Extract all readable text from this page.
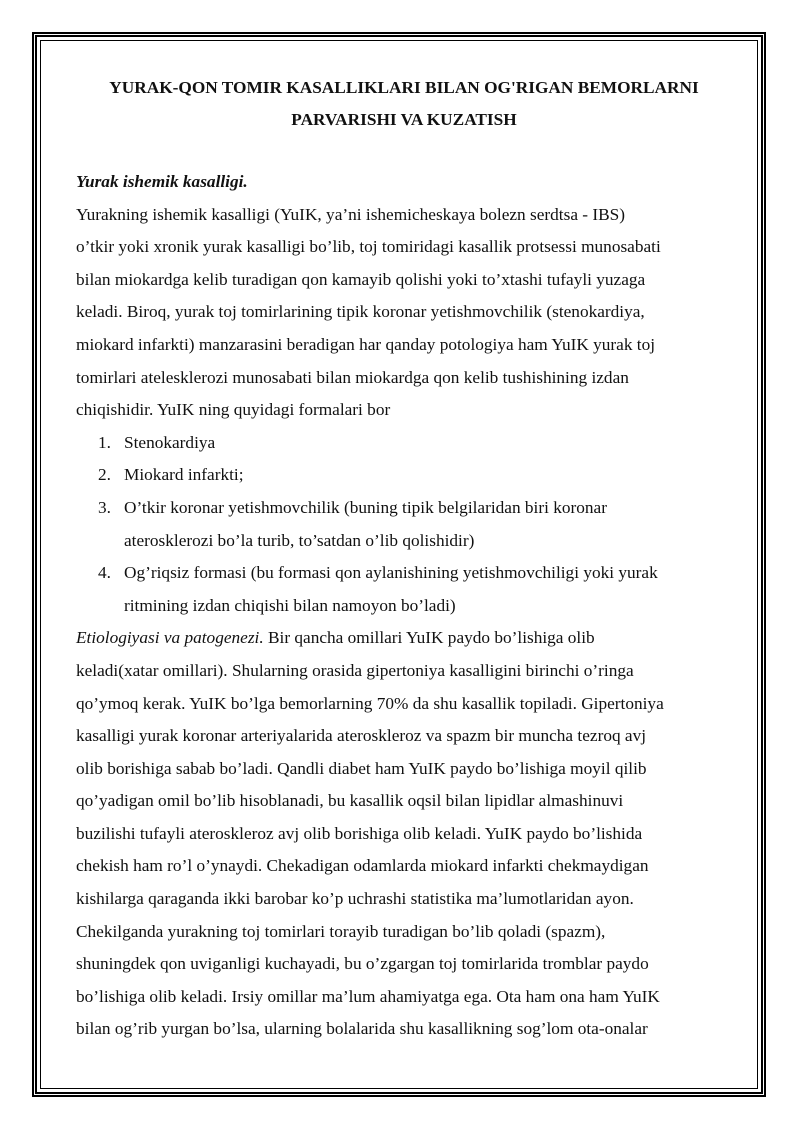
YURAK-QON TOMIR KASALLIKLARI BILAN OG'RIGAN BEMORLARNI
PARVARISHI VA KUZATISH
Yurak ishemik kasalligi.

Yurakning ishemik kasalligi (YuIK, ya’ni ishemicheskaya bolezn serdtsa - IBS)
o’tkir yoki xronik yurak kasalligi bo’lib, toj tomiridagi kasallik protsessi munosabati
bilan miokardga kelib turadigan qon kamayib qolishi yoki to’xtashi tufayli yuzaga
keladi. Biroq, yurak toj tomirlarining tipik koronar yetishmovchilik (stenokardiya,
miokard infarkti) manzarasini beradigan har qanday potologiya ham YuIK yurak toj
tomirlari atelesklerozi munosabati bilan miokardga qon kelib tushishining izdan
chiqishidir. YuIK ning quyidagi formalari bor

1. Stenokardiya
2. Miokard infarkti;
3. O’tkir koronar yetishmovchilik (buning tipik belgilaridan biri koronar
aterosklerozi bo’la turib, to’satdan o’lib qolishidir)
4. Og’riqsiz formasi (bu formasi qon aylanishining yetishmovchiligi yoki yurak
ritmining izdan chiqishi bilan namoyon bo’ladi)

Etiologiyasi va patogenezi. Bir qancha omillari YuIK paydo bo’lishiga olib
keladi(xatar omillari). Shularning orasida gipertoniya kasalligini birinchi o’ringa
qo’ymoq kerak. YuIK bo’lga bemorlarning 70% da shu kasallik topiladi. Gipertoniya
kasalligi yurak koronar arteriyalarida ateroskleroz va spazm bir muncha tezroq avj
olib borishiga sabab bo’ladi. Qandli diabet ham YuIK paydo bo’lishiga moyil qilib
qo’yadigan omil bo’lib hisoblanadi, bu kasallik oqsil bilan lipidlar almashinuvi
buzilishi tufayli ateroskleroz avj olib borishiga olib keladi. YuIK paydo bo’lishida
chekish ham ro’l o’ynaydi. Chekadigan odamlarda miokard infarkti chekmaydigan
kishilarga qaraganda ikki barobar ko’p uchrashi statistika ma’lumotlaridan ayon.
Chekilganda yurakning toj tomirlari torayib turadigan bo’lib qoladi (spazm),
shuningdek qon uviganligi kuchayadi, bu o’zgargan toj tomirlarida tromblar paydo
bo’lishiga olib keladi. Irsiy omillar ma’lum ahamiyatga ega. Ota ham ona ham YuIK
bilan og’rib yurgan bo’lsa, ularning bolalarida shu kasallikning sog’lom ota-onalar
